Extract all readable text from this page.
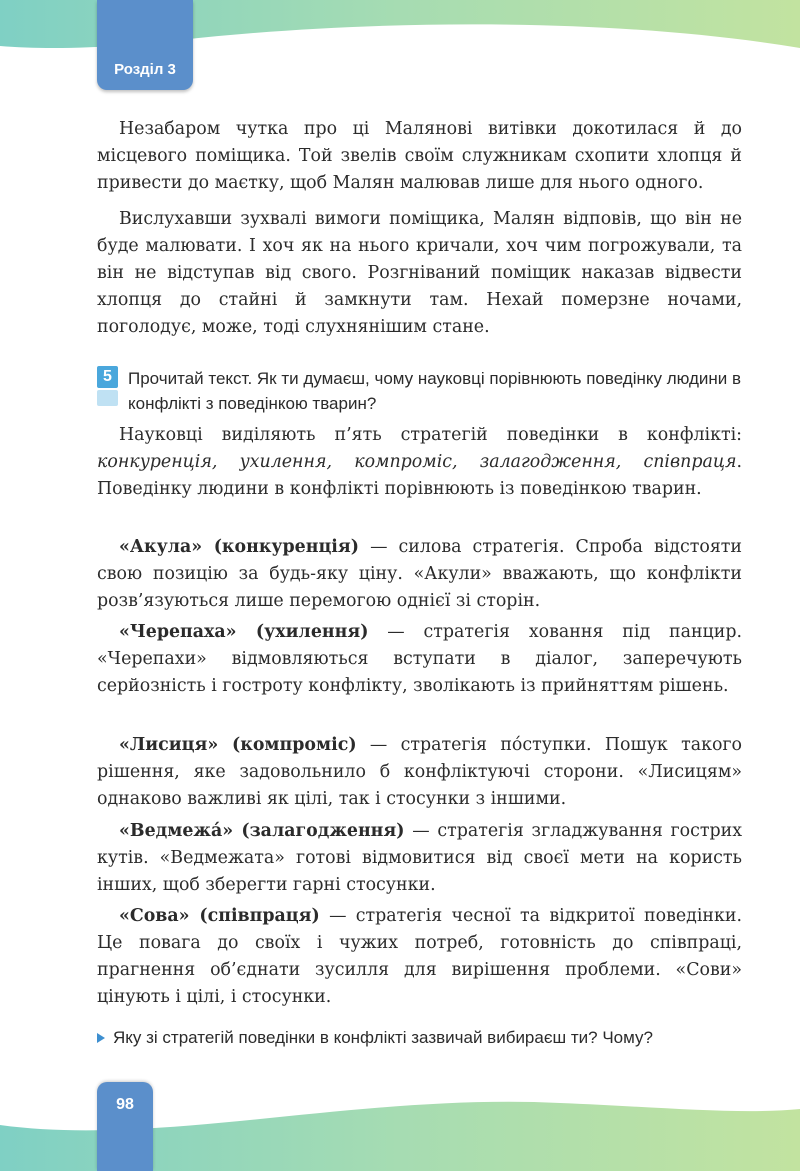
Розділ 3

Незабаром чутка про ці Малянові витівки докотилася й до місцевого поміщика. Той звелів своїм служникам схопити хлопця й привести до маєтку, щоб Малян малював лише для нього одного.

Вислухавши зухвалі вимоги поміщика, Малян відповів, що він не буде малювати. І хоч як на нього кричали, хоч чим погрожували, та він не відступав від свого. Розгніваний поміщик наказав відвести хлопця до стайні й замкнути там. Нехай померзне ночами, поголодує, може, тоді слухнянішим стане.

5 Прочитай текст. Як ти думаєш, чому науковці порівнюють поведінку людини в конфлікті з поведінкою тварин?

Науковці виділяють п’ять стратегій поведінки в конфлікті: конкуренція, ухилення, компроміс, залагодження, співпраця. Поведінку людини в конфлікті порівнюють із поведінкою тварин.

«Акула» (конкуренція) — силова стратегія. Спроба відстояти свою позицію за будь-яку ціну. «Акули» вважають, що конфлікти розв’язуються лише перемогою однієї зі сторін.

«Черепаха» (ухилення) — стратегія ховання під панцир. «Черепахи» відмовляються вступати в діалог, заперечують серйозність і гостроту конфлікту, зволікають із прийняттям рішень.

«Лисиця» (компроміс) — стратегія пóступки. Пошук такого рішення, яке задовольнило б конфліктуючі сторони. «Лисицям» однаково важливі як цілі, так і стосунки з іншими.

«Ведмежá» (залагодження) — стратегія згладжування гострих кутів. «Ведмежата» готові відмовитися від своєї мети на користь інших, щоб зберегти гарні стосунки.

«Сова» (співпраця) — стратегія чесної та відкритої поведінки. Це повага до своїх і чужих потреб, готовність до співпраці, прагнення об’єднати зусилля для вирішення проблеми. «Сови» цінують і цілі, і стосунки.

Яку зі стратегій поведінки в конфлікті зазвичай вибираєш ти? Чому?
98
